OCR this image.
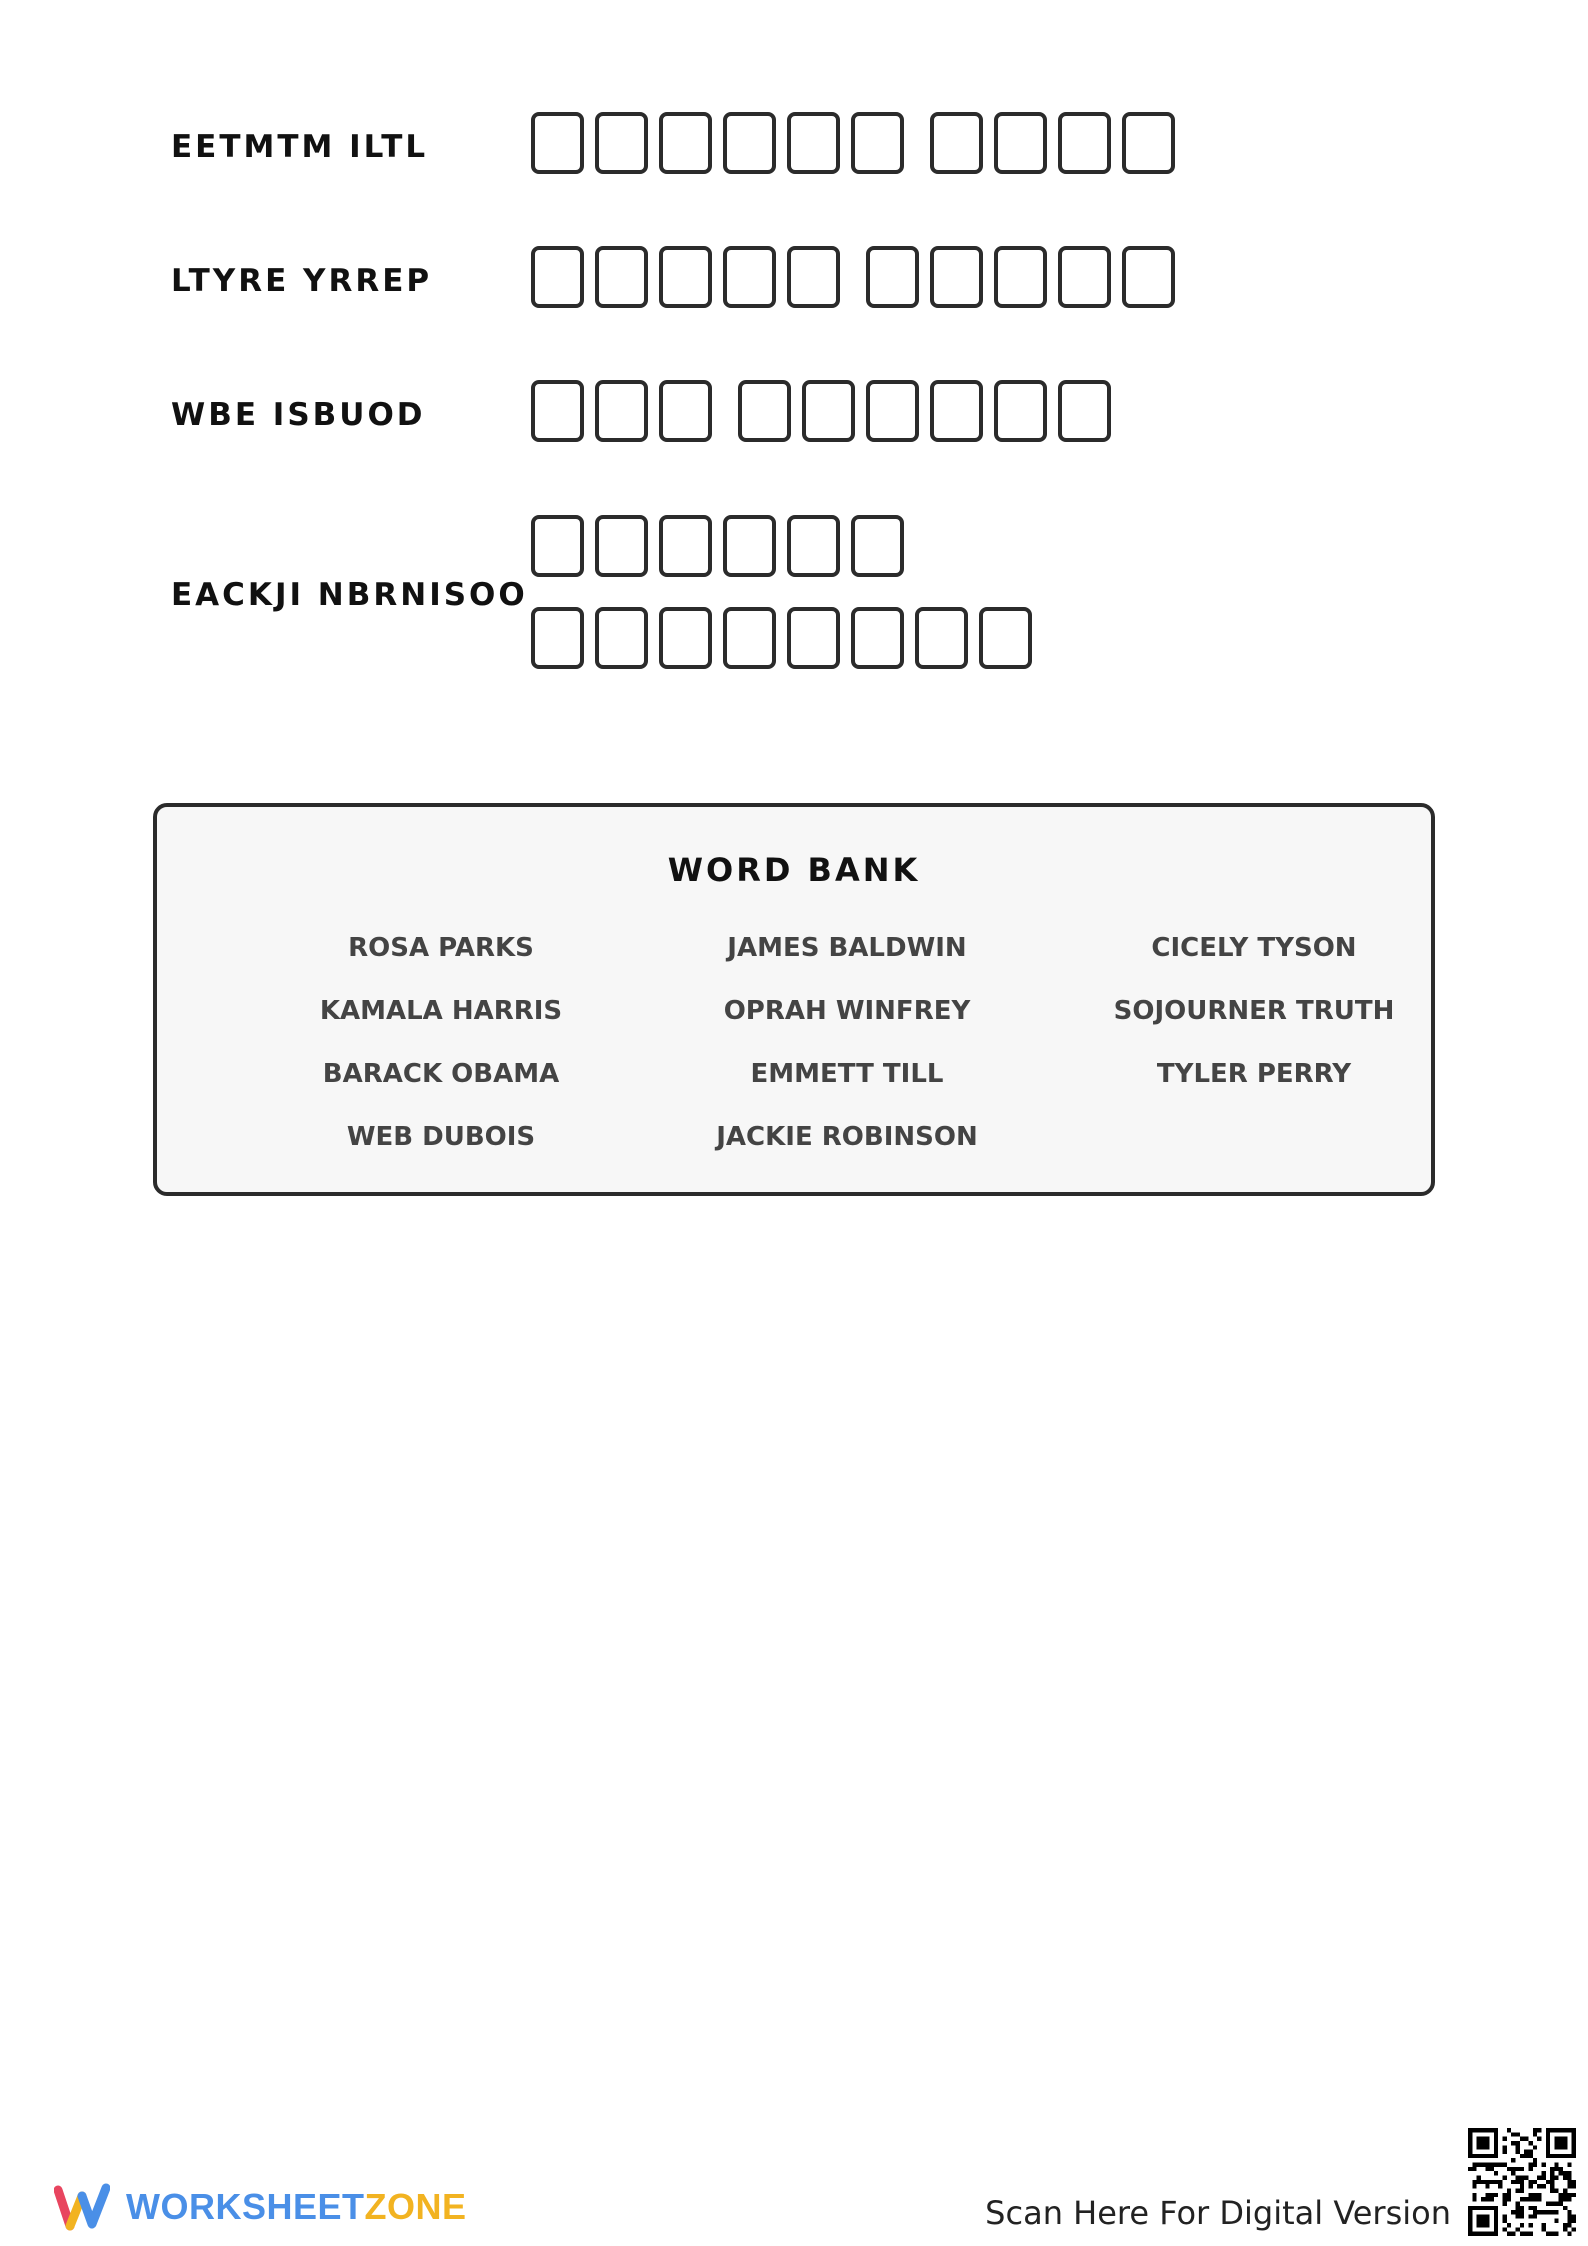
EETMTM ILTL
LTYRE YRREP
WBE ISBUOD
EACKJI NBRNISOO
WORD BANK
ROSA PARKS	JAMES BALDWIN	CICELY TYSON
KAMALA HARRIS	OPRAH WINFREY	SOJOURNER TRUTH
BARACK OBAMA	EMMETT TILL	TYLER PERRY
WEB DUBOIS	JACKIE ROBINSON
WORKSHEETZONE	Scan Here For Digital Version
